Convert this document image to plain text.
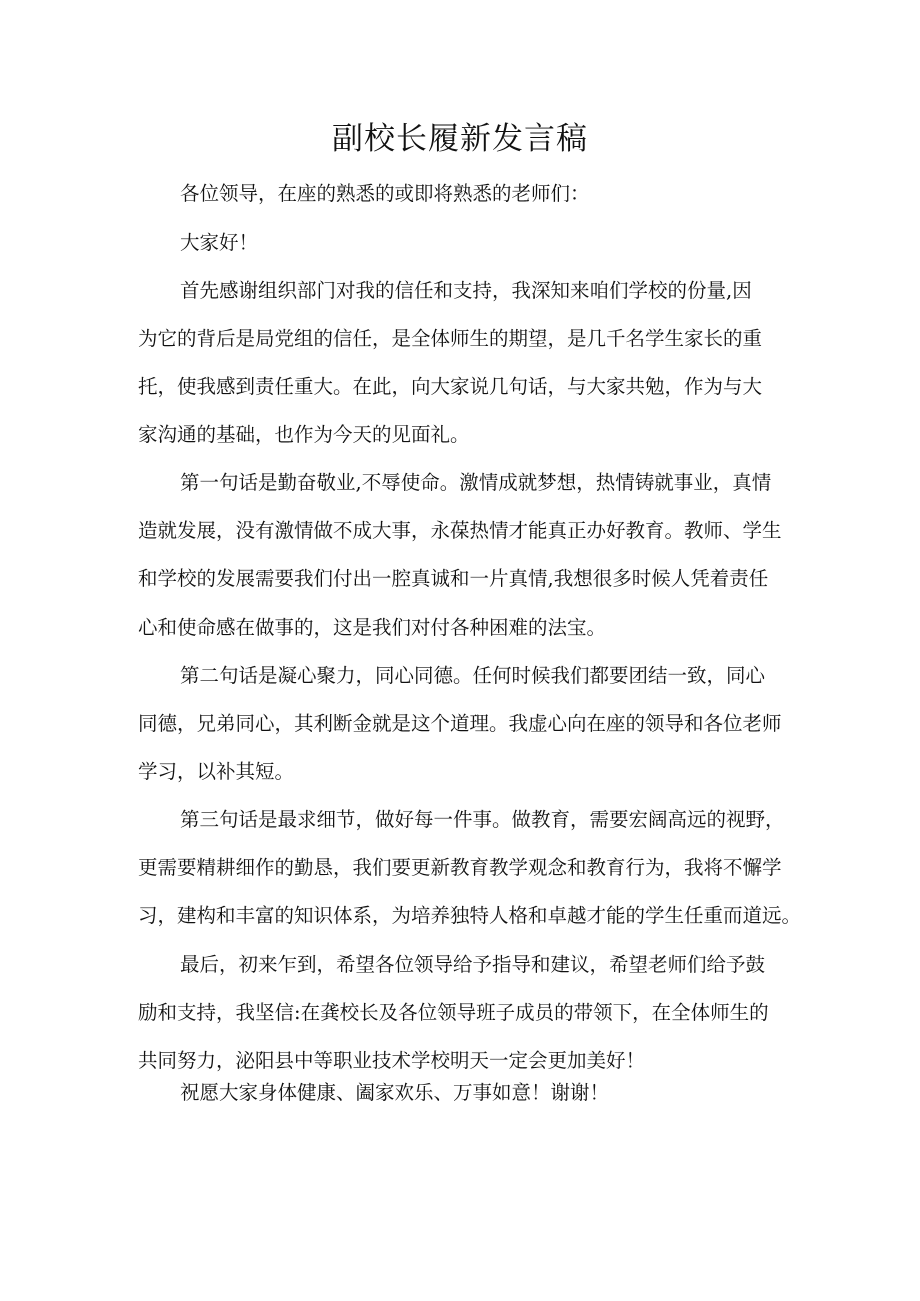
副校长履新发言稿
各位领导，在座的熟悉的或即将熟悉的老师们：
大家好！
首先感谢组织部门对我的信任和支持，我深知来咱们学校的份量,因
为它的背后是局党组的信任，是全体师生的期望，是几千名学生家长的重
托，使我感到责任重大。在此，向大家说几句话，与大家共勉，作为与大
家沟通的基础，也作为今天的见面礼。
第一句话是勤奋敬业,不辱使命。激情成就梦想，热情铸就事业，真情
造就发展，没有激情做不成大事，永葆热情才能真正办好教育。教师、学生
和学校的发展需要我们付出一腔真诚和一片真情,我想很多时候人凭着责任
心和使命感在做事的，这是我们对付各种困难的法宝。
第二句话是凝心聚力，同心同德。任何时候我们都要团结一致，同心
同德，兄弟同心，其利断金就是这个道理。我虚心向在座的领导和各位老师
学习，以补其短。
第三句话是最求细节，做好每一件事。做教育，需要宏阔高远的视野，
更需要精耕细作的勤恳，我们要更新教育教学观念和教育行为，我将不懈学
习，建构和丰富的知识体系，为培养独特人格和卓越才能的学生任重而道远。
最后，初来乍到，希望各位领导给予指导和建议，希望老师们给予鼓
励和支持，我坚信:在龚校长及各位领导班子成员的带领下，在全体师生的
共同努力，泌阳县中等职业技术学校明天一定会更加美好！
祝愿大家身体健康、阖家欢乐、万事如意！谢谢！
